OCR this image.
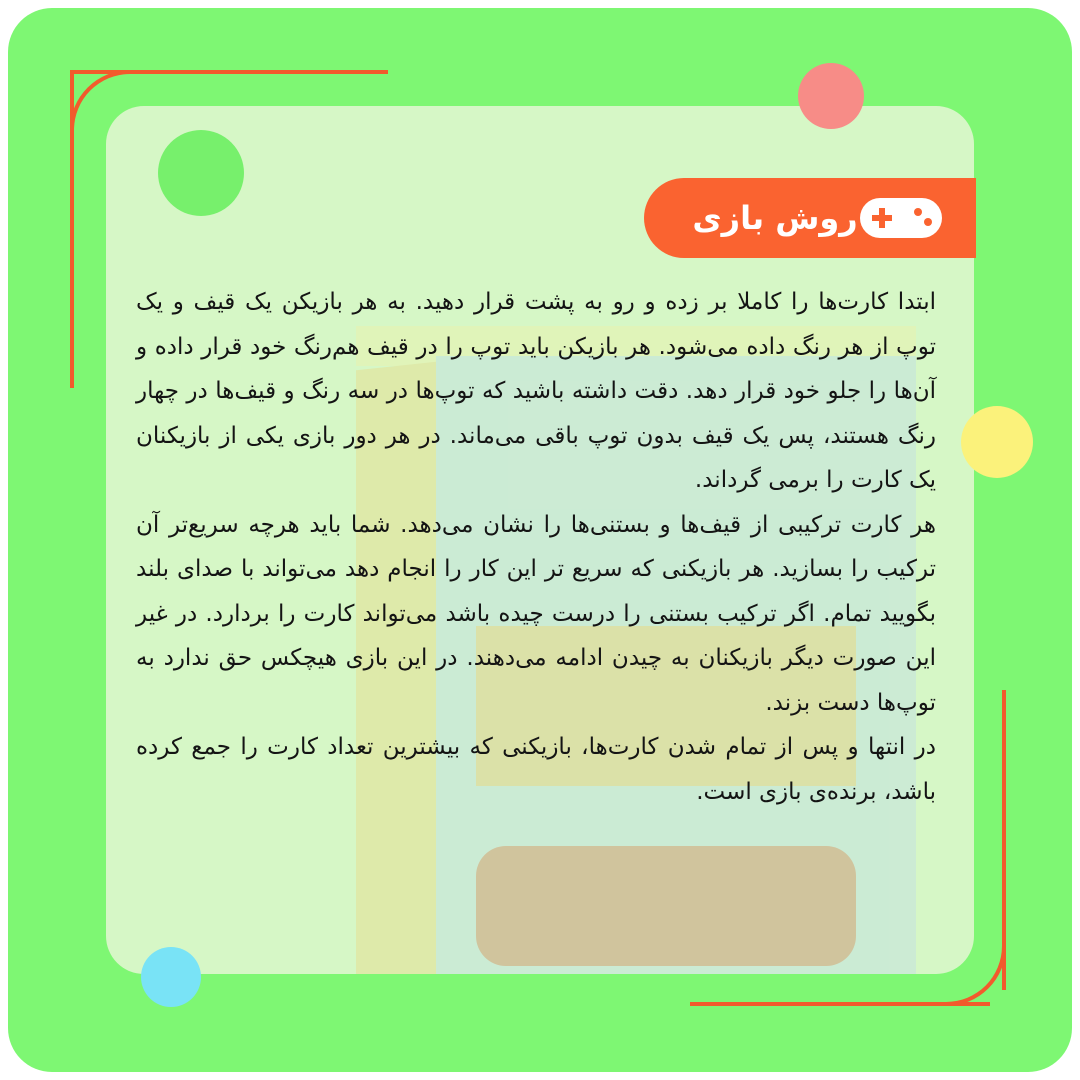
روش بازی

ابتدا کارت‌ها را کاملا بر زده و رو به پشت قرار دهید. به هر بازیکن یک قیف و یک توپ از هر رنگ داده می‌شود. هر بازیکن باید توپ را در قیف هم‌رنگ خود قرار داده و آن‌ها را جلو خود قرار دهد. دقت داشته باشید که توپ‌ها در سه رنگ و قیف‌ها در چهار رنگ هستند، پس یک قیف بدون توپ باقی می‌ماند. در هر دور بازی یکی از بازیکنان یک کارت را برمی گرداند.

هر کارت ترکیبی از قیف‌ها و بستنی‌ها را نشان می‌دهد. شما باید هرچه سریع‌تر آن ترکیب را بسازید. هر بازیکنی که سریع تر این کار را انجام دهد می‌تواند با صدای بلند بگویید تمام. اگر ترکیب بستنی را درست چیده باشد می‌تواند کارت را بردارد. در غیر این صورت دیگر بازیکنان به چیدن ادامه می‌دهند. در این بازی هیچکس حق ندارد به توپ‌ها دست بزند.

در انتها و پس از تمام شدن کارت‌ها، بازیکنی که بیشترین تعداد کارت را جمع کرده باشد، برنده‌ی بازی است.
